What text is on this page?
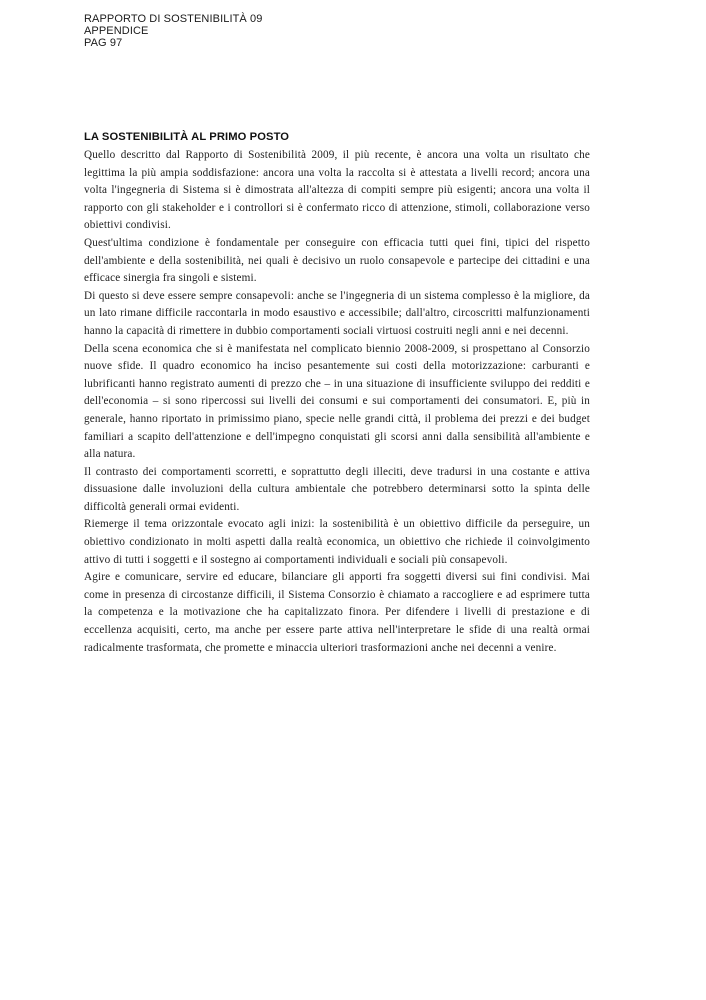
RAPPORTO DI SOSTENIBILITÀ 09
APPENDICE
PAG 97
LA SOSTENIBILITÀ AL PRIMO POSTO

Quello descritto dal Rapporto di Sostenibilità 2009, il più recente, è ancora una volta un risultato che legittima la più ampia soddisfazione: ancora una volta la raccolta si è attestata a livelli record; ancora una volta l'ingegneria di Sistema si è dimostrata all'altezza di compiti sempre più esigenti; ancora una volta il rapporto con gli stakeholder e i controllori si è confermato ricco di attenzione, stimoli, collaborazione verso obiettivi condivisi.

Quest'ultima condizione è fondamentale per conseguire con efficacia tutti quei fini, tipici del rispetto dell'ambiente e della sostenibilità, nei quali è decisivo un ruolo consapevole e partecipe dei cittadini e una efficace sinergia fra singoli e sistemi.

Di questo si deve essere sempre consapevoli: anche se l'ingegneria di un sistema complesso è la migliore, da un lato rimane difficile raccontarla in modo esaustivo e accessibile; dall'altro, circoscritti malfunzionamenti hanno la capacità di rimettere in dubbio comportamenti sociali virtuosi costruiti negli anni e nei decenni.

Della scena economica che si è manifestata nel complicato biennio 2008-2009, si prospettano al Consorzio nuove sfide. Il quadro economico ha inciso pesantemente sui costi della motorizzazione: carburanti e lubrificanti hanno registrato aumenti di prezzo che – in una situazione di insufficiente sviluppo dei redditi e dell'economia – si sono ripercossi sui livelli dei consumi e sui comportamenti dei consumatori. E, più in generale, hanno riportato in primissimo piano, specie nelle grandi città, il problema dei prezzi e dei budget familiari a scapito dell'attenzione e dell'impegno conquistati gli scorsi anni dalla sensibilità all'ambiente e alla natura.

Il contrasto dei comportamenti scorretti, e soprattutto degli illeciti, deve tradursi in una costante e attiva dissuasione dalle involuzioni della cultura ambientale che potrebbero determinarsi sotto la spinta delle difficoltà generali ormai evidenti.

Riemerge il tema orizzontale evocato agli inizi: la sostenibilità è un obiettivo difficile da perseguire, un obiettivo condizionato in molti aspetti dalla realtà economica, un obiettivo che richiede il coinvolgimento attivo di tutti i soggetti e il sostegno ai comportamenti individuali e sociali più consapevoli.

Agire e comunicare, servire ed educare, bilanciare gli apporti fra soggetti diversi sui fini condivisi. Mai come in presenza di circostanze difficili, il Sistema Consorzio è chiamato a raccogliere e ad esprimere tutta la competenza e la motivazione che ha capitalizzato finora. Per difendere i livelli di prestazione e di eccellenza acquisiti, certo, ma anche per essere parte attiva nell'interpretare le sfide di una realtà ormai radicalmente trasformata, che promette e minaccia ulteriori trasformazioni anche nei decenni a venire.
